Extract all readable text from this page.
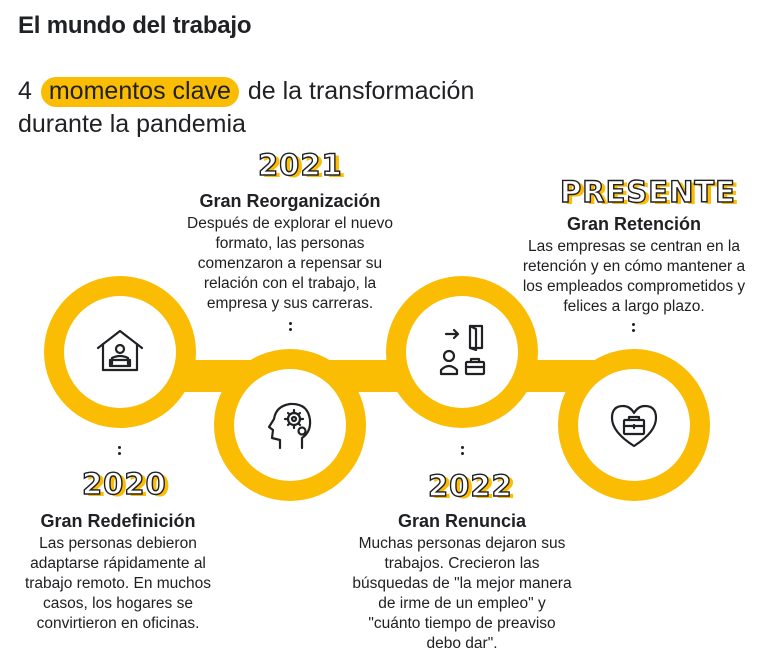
El mundo del trabajo
4 momentos clave de la transformación
durante la pandemia
2021
Gran Reorganización
Después de explorar el nuevo
formato, las personas
comenzaron a repensar su
relación con el trabajo, la
empresa y sus carreras.
PRESENTE
Gran Retención
Las empresas se centran en la
retención y en cómo mantener a
los empleados comprometidos y
felices a largo plazo.
2020
Gran Redefinición
Las personas debieron
adaptarse rápidamente al
trabajo remoto. En muchos
casos, los hogares se
convirtieron en oficinas.
2022
Gran Renuncia
Muchas personas dejaron sus
trabajos. Crecieron las
búsquedas de "la mejor manera
de irme de un empleo" y
"cuánto tiempo de preaviso
debo dar".
